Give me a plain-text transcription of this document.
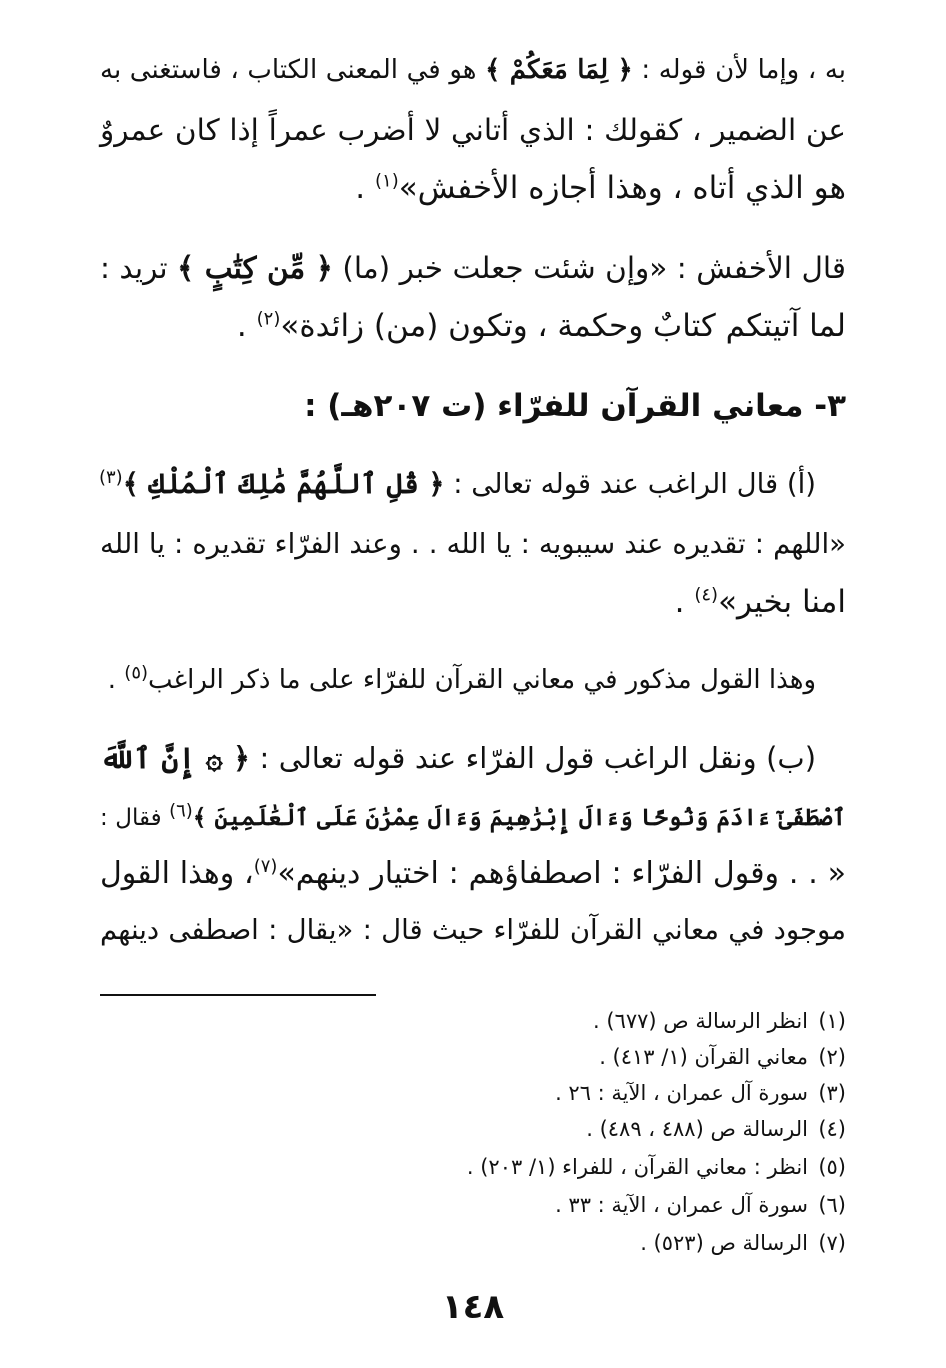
به ، وإما لأن قوله : ﴿ لِمَا مَعَكُمْ ﴾ هو في المعنى الكتاب ، فاستغنى به
عن الضمير ، كقولك : الذي أتاني لا أضرب عمراً إذا كان عمروٌ
هو الذي أتاه ، وهذا أجازه الأخفش»$^{(١)}$ .
قال الأخفش : «وإن شئت جعلت خبر (ما) ﴿ مِّن كِتَٰبٍ ﴾ تريد :
لما آتيتكم كتابٌ وحكمة ، وتكون (من) زائدة»$^{(٢)}$ .
٣- معاني القرآن للفرّاء (ت ٢٠٧هـ) :
(أ) قال الراغب عند قوله تعالى : ﴿ قُلِ ٱللَّهُمَّ مَٰلِكَ ٱلْمُلْكِ ﴾$^{(٣)}$
«اللهم : تقديره عند سيبويه : يا الله . . وعند الفرّاء تقديره : يا الله
امنا بخير»$^{(٤)}$ .
وهذا القول مذكور في معاني القرآن للفرّاء على ما ذكر الراغب$^{(٥)}$ .
(ب) ونقل الراغب قول الفرّاء عند قوله تعالى : ﴿ ۞ إِنَّ ٱللَّهَ
ٱصْطَفَىٰٓ ءَادَمَ وَنُوحًا وَءَالَ إِبْرَٰهِيمَ وَءَالَ عِمْرَٰنَ عَلَى ٱلْعَٰلَمِينَ ﴾$^{(٦)}$ فقال :
« . . وقول الفرّاء : اصطفاؤهم : اختيار دينهم»$^{(٧)}$، وهذا القول
موجود في معاني القرآن للفرّاء حيث قال : «يقال : اصطفى دينهم
(١)انظر الرسالة ص (٦٧٧) .
(٢)معاني القرآن (١/ ٤١٣) .
(٣)سورة آل عمران ، الآية : ٢٦ .
(٤)الرسالة ص (٤٨٨ ، ٤٨٩) .
(٥)انظر : معاني القرآن ، للفراء (١/ ٢٠٣) .
(٦)سورة آل عمران ، الآية : ٣٣ .
(٧)الرسالة ص (٥٢٣) .
١٤٨
